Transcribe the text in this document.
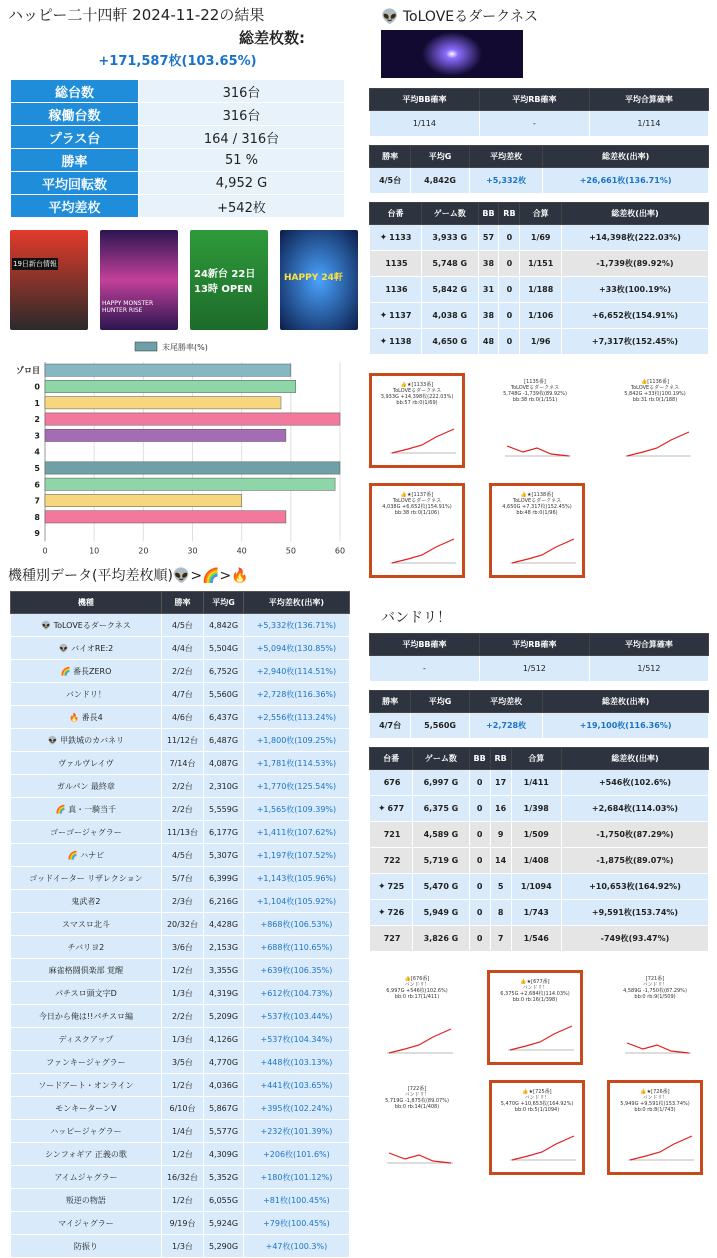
ハッピー二十四軒 2024-11-22の結果
総差枚数:
+171,587枚(103.65%)
総台数	316台
稼働台数	316台
プラス台	164 / 316台
勝率	51 %
平均回転数	4,952 G
平均差枚	+542枚
19日新台情報
HAPPY MONSTER HUNTER RISE
24新台 22日13時 OPEN
HAPPY 24軒
末尾勝率(%)
0	10	20	30	40	50	60
ゾロ目
0
1
2
3
4
5
6
7
8
9
機種別データ(平均差枚順)👽>🌈>🔥
機種	勝率	平均G	平均差枚(出率)
👽 ToLOVEるダークネス	4/5台	4,842G	+5,332枚(136.71%)
👽 バイオRE:2	4/4台	5,504G	+5,094枚(130.85%)
🌈 番長ZERO	2/2台	6,752G	+2,940枚(114.51%)
バンドリ！	4/7台	5,560G	+2,728枚(116.36%)
🔥 番長4	4/6台	6,437G	+2,556枚(113.24%)
👽 甲鉄城のカバネリ	11/12台	6,487G	+1,800枚(109.25%)
ヴァルヴレイヴ	7/14台	4,087G	+1,781枚(114.53%)
ガルパン 最終章	2/2台	2,310G	+1,770枚(125.54%)
🌈 真・一騎当千	2/2台	5,559G	+1,565枚(109.39%)
ゴーゴージャグラー	11/13台	6,177G	+1,411枚(107.62%)
🌈 ハナビ	4/5台	5,307G	+1,197枚(107.52%)
ゴッドイーター リザレクション	5/7台	6,399G	+1,143枚(105.96%)
鬼武者2	2/3台	6,216G	+1,104枚(105.92%)
スマスロ北斗	20/32台	4,428G	+868枚(106.53%)
チバリヨ2	3/6台	2,153G	+688枚(110.65%)
麻雀格闘倶楽部 覚醒	1/2台	3,355G	+639枚(106.35%)
パチスロ頭文字D	1/3台	4,319G	+612枚(104.73%)
今日から俺は!!パチスロ編	2/2台	5,209G	+537枚(103.44%)
ディスクアップ	1/3台	4,126G	+537枚(104.34%)
ファンキージャグラー	3/5台	4,770G	+448枚(103.13%)
ソードアート・オンライン	1/2台	4,036G	+441枚(103.65%)
モンキーターンV	6/10台	5,867G	+395枚(102.24%)
ハッピージャグラー	1/4台	5,577G	+232枚(101.39%)
シンフォギア 正義の歌	1/2台	4,309G	+206枚(101.6%)
アイムジャグラー	16/32台	5,352G	+180枚(101.12%)
叛逆の物語	1/2台	6,055G	+81枚(100.45%)
マイジャグラー	9/19台	5,924G	+79枚(100.45%)
防振り	1/3台	5,290G	+47枚(100.3%)
👽 ToLOVEるダークネス
平均BB確率	平均RB確率	平均合算確率
1/114	-	1/114
勝率	平均G	平均差枚	総差枚(出率)
4/5台	4,842G	+5,332枚	+26,661枚(136.71%)
台番	ゲーム数	BB	RB	合算	総差枚(出率)
✦ 1133	3,933 G	57	0	1/69	+14,398枚(222.03%)
1135	5,748 G	38	0	1/151	-1,739枚(89.92%)
1136	5,842 G	31	0	1/188	+33枚(100.19%)
✦ 1137	4,038 G	38	0	1/106	+6,652枚(154.91%)
✦ 1138	4,650 G	48	0	1/96	+7,317枚(152.45%)
👍★[1133番]
ToLOVEるダークネス
3,933G +14,398枚(222.03%)
bb:57 rb:0(1/69)
[1135番]
ToLOVEるダークネス
5,748G -1,739枚(89.92%)
bb:38 rb:0(1/151)
👍[1136番]
ToLOVEるダークネス
5,842G +33枚(100.19%)
bb:31 rb:0(1/188)
👍★[1137番]
ToLOVEるダークネス
4,038G +6,652枚(154.91%)
bb:38 rb:0(1/106)
👍★[1138番]
ToLOVEるダークネス
4,650G +7,317枚(152.45%)
bb:48 rb:0(1/96)
バンドリ！
平均BB確率	平均RB確率	平均合算確率
-	1/512	1/512
勝率	平均G	平均差枚	総差枚(出率)
4/7台	5,560G	+2,728枚	+19,100枚(116.36%)
台番	ゲーム数	BB	RB	合算	総差枚(出率)
676	6,997 G	0	17	1/411	+546枚(102.6%)
✦ 677	6,375 G	0	16	1/398	+2,684枚(114.03%)
721	4,589 G	0	9	1/509	-1,750枚(87.29%)
722	5,719 G	0	14	1/408	-1,875枚(89.07%)
✦ 725	5,470 G	0	5	1/1094	+10,653枚(164.92%)
✦ 726	5,949 G	0	8	1/743	+9,591枚(153.74%)
727	3,826 G	0	7	1/546	-749枚(93.47%)
👍[676番]
バンドリ！
6,997G +546枚(102.6%)
bb:0 rb:17(1/411)
👍★[677番]
バンドリ！
6,375G +2,684枚(114.03%)
bb:0 rb:16(1/398)
[721番]
バンドリ！
4,589G -1,750枚(87.29%)
bb:0 rb:9(1/509)
[722番]
バンドリ！
5,719G -1,875枚(89.07%)
bb:0 rb:14(1/408)
👍★[725番]
バンドリ！
5,470G +10,653枚(164.92%)
bb:0 rb:5(1/1094)
👍★[726番]
バンドリ！
5,949G +9,591枚(153.74%)
bb:0 rb:8(1/743)
